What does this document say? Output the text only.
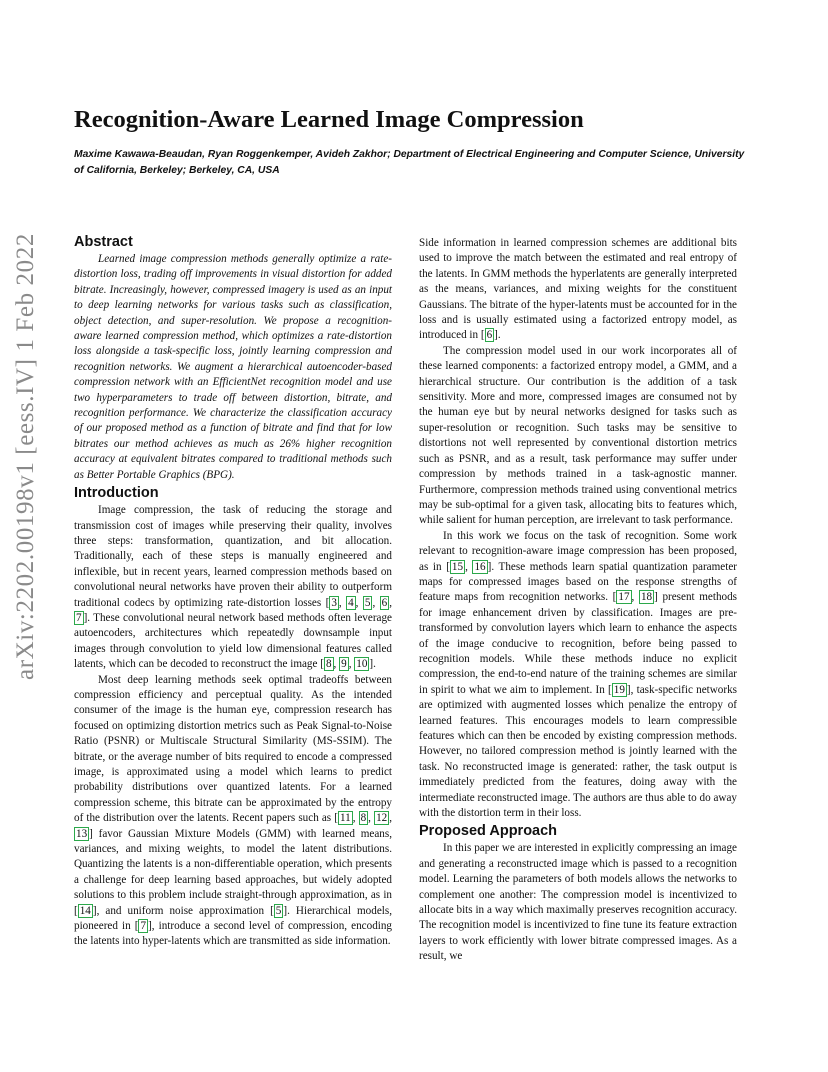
arXiv:2202.00198v1 [eess.IV] 1 Feb 2022
Recognition-Aware Learned Image Compression
Maxime Kawawa-Beaudan, Ryan Roggenkemper, Avideh Zakhor; Department of Electrical Engineering and Computer Science, University of California, Berkeley; Berkeley, CA, USA
Abstract

Learned image compression methods generally optimize a rate-distortion loss, trading off improvements in visual distortion for added bitrate. Increasingly, however, compressed imagery is used as an input to deep learning networks for various tasks such as classification, object detection, and super-resolution. We propose a recognition-aware learned compression method, which optimizes a rate-distortion loss alongside a task-specific loss, jointly learning compression and recognition networks. We augment a hierarchical autoencoder-based compression network with an EfficientNet recognition model and use two hyperparameters to trade off between distortion, bitrate, and recognition performance. We characterize the classification accuracy of our proposed method as a function of bitrate and find that for low bitrates our method achieves as much as 26% higher recognition accuracy at equivalent bitrates compared to traditional methods such as Better Portable Graphics (BPG).

Introduction

Image compression, the task of reducing the storage and transmission cost of images while preserving their quality, involves three steps: transformation, quantization, and bit allocation. Traditionally, each of these steps is manually engineered and inflexible, but in recent years, learned compression methods based on convolutional neural networks have proven their ability to outperform traditional codecs by optimizing rate-distortion losses [ 3 , 4 , 5 , 6 , 7 ]. These convolutional neural network based methods often leverage autoencoders, architectures which repeatedly downsample input images through convolution to yield low dimensional features called latents, which can be decoded to reconstruct the image [ 8 , 9 , 10 ].

Most deep learning methods seek optimal tradeoffs between compression efficiency and perceptual quality. As the intended consumer of the image is the human eye, compression research has focused on optimizing distortion metrics such as Peak Signal-to-Noise Ratio (PSNR) or Multiscale Structural Similarity (MS-SSIM). The bitrate, or the average number of bits required to encode a compressed image, is approximated using a model which learns to predict probability distributions over quantized latents. For a learned compression scheme, this bitrate can be approximated by the entropy of the distribution over the latents. Recent papers such as [ 11 , 8 , 12 , 13 ] favor Gaussian Mixture Models (GMM) with learned means, variances, and mixing weights, to model the latent distributions. Quantizing the latents is a non-differentiable operation, which presents a challenge for deep learning based approaches, but widely adopted solutions to this problem include straight-through approximation, as in [ 14 ], and uniform noise approximation [ 5 ]. Hierarchical models, pioneered in [ 7 ], introduce a second level of compression, encoding the latents into hyper-latents which are transmitted as side information.

Side information in learned compression schemes are additional bits used to improve the match between the estimated and real entropy of the latents. In GMM methods the hyperlatents are generally interpreted as the means, variances, and mixing weights for the constituent Gaussians. The bitrate of the hyper-latents must be accounted for in the loss and is usually estimated using a factorized entropy model, as introduced in [ 6 ].

The compression model used in our work incorporates all of these learned components: a factorized entropy model, a GMM, and a hierarchical structure. Our contribution is the addition of a task sensitivity. More and more, compressed images are consumed not by the human eye but by neural networks designed for tasks such as super-resolution or recognition. Such tasks may be sensitive to distortions not well represented by conventional distortion metrics such as PSNR, and as a result, task performance may suffer under compression by methods trained in a task-agnostic manner. Furthermore, compression methods trained using conventional metrics may be sub-optimal for a given task, allocating bits to features which, while salient for human perception, are irrelevant to task performance.

In this work we focus on the task of recognition. Some work relevant to recognition-aware image compression has been proposed, as in [ 15 , 16 ]. These methods learn spatial quantization parameter maps for compressed images based on the response strengths of feature maps from recognition networks. [ 17 , 18 ] present methods for image enhancement driven by classification. Images are pre-transformed by convolution layers which learn to enhance the aspects of the image conducive to recognition, before being passed to recognition models. While these methods induce no explicit compression, the end-to-end nature of the training schemes are similar in spirit to what we aim to implement. In [ 19 ], task-specific networks are optimized with augmented losses which penalize the entropy of learned features. This encourages models to learn compressible features which can then be encoded by existing compression methods. However, no tailored compression method is jointly learned with the task. No reconstructed image is generated: rather, the task output is immediately predicted from the features, doing away with the intermediate reconstructed image. The authors are thus able to do away with the distortion term in their loss.

Proposed Approach

In this paper we are interested in explicitly compressing an image and generating a reconstructed image which is passed to a recognition model. Learning the parameters of both models allows the networks to complement one another: The compression model is incentivized to allocate bits in a way which maximally preserves recognition accuracy. The recognition model is incentivized to fine tune its feature extraction layers to work efficiently with lower bitrate compressed images. As a result, we
